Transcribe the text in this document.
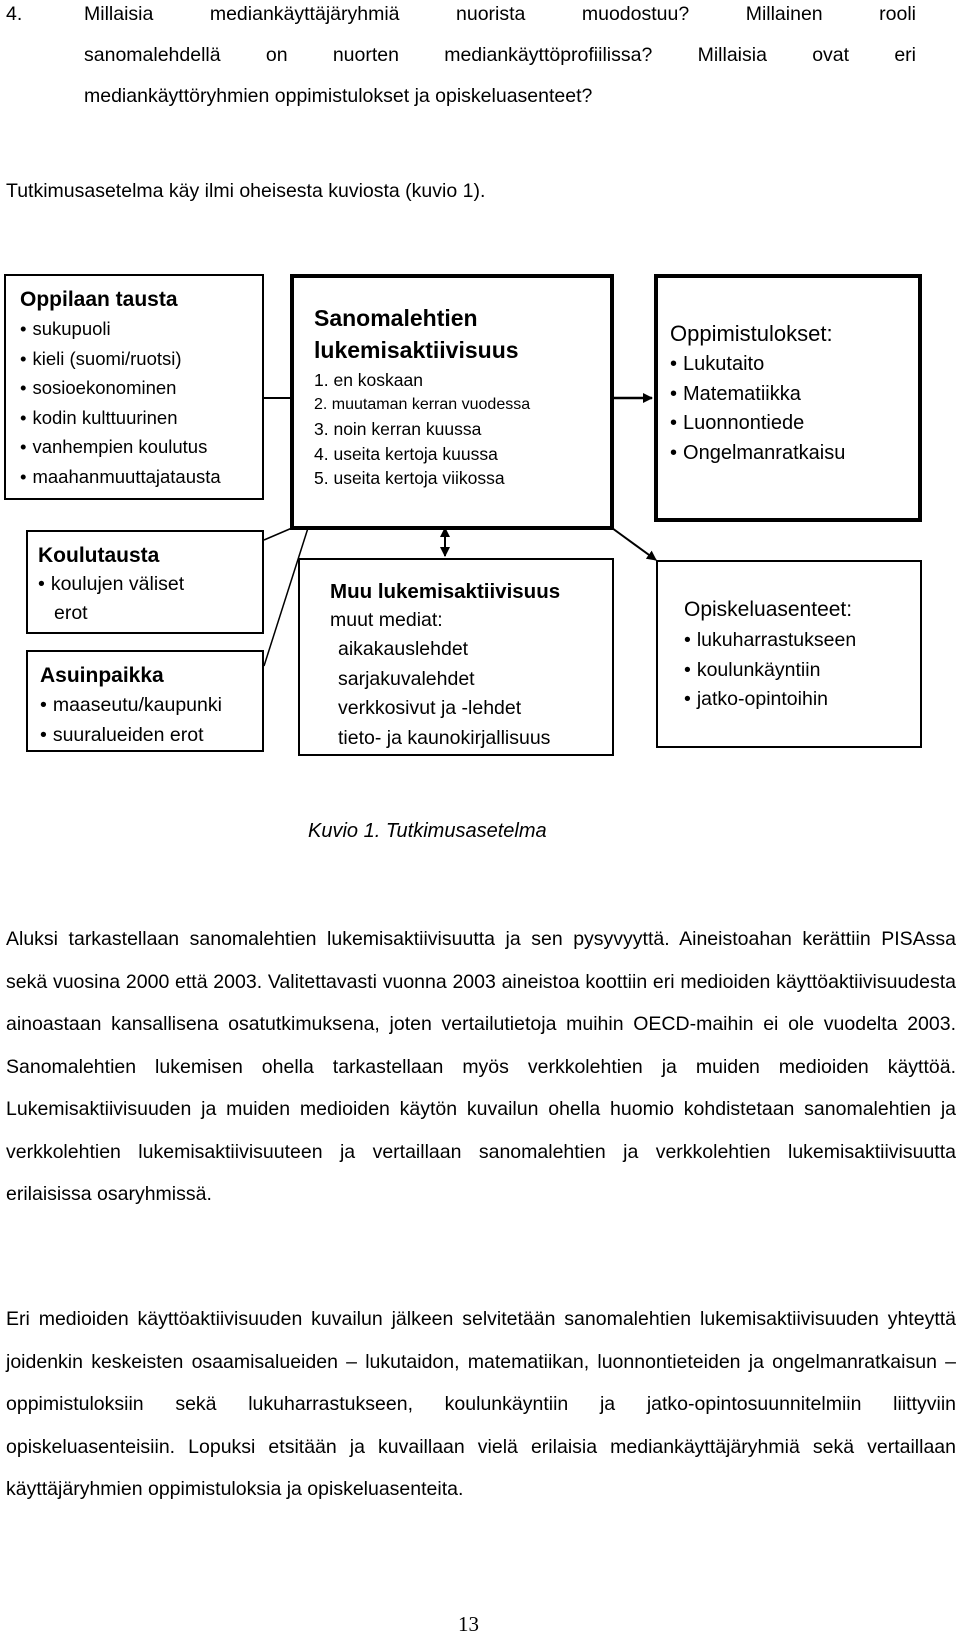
4.	Millaisia mediankäyttäjäryhmiä nuorista muodostuu? Millainen rooli
sanomalehdellä on nuorten mediankäyttöprofiilissa? Millaisia ovat eri
mediankäyttöryhmien oppimistulokset ja opiskeluasenteet?
Tutkimusasetelma käy ilmi oheisesta kuviosta (kuvio 1).
Oppilaan tausta
• sukupuoli
• kieli (suomi/ruotsi)
• sosioekonominen
• kodin kulttuurinen
• vanhempien koulutus
• maahanmuuttajatausta
Sanomalehtien
lukemisaktiivisuus
1. en koskaan
2. muutaman kerran vuodessa
3. noin kerran kuussa
4. useita kertoja kuussa
5. useita kertoja viikossa
Oppimistulokset:
• Lukutaito
• Matematiikka
• Luonnontiede
• Ongelmanratkaisu
Koulutausta
• koulujen väliset
erot
Asuinpaikka
• maaseutu/kaupunki
• suuralueiden erot
Muu lukemisaktiivisuus
muut mediat:
aikakauslehdet
sarjakuvalehdet
verkkosivut ja -lehdet
tieto- ja kaunokirjallisuus
Opiskeluasenteet:
• lukuharrastukseen
• koulunkäyntiin
• jatko-opintoihin
Kuvio 1. Tutkimusasetelma
Aluksi tarkastellaan sanomalehtien lukemisaktiivisuutta ja sen pysyvyyttä. Aineistoahan kerättiin PISAssa sekä vuosina 2000 että 2003. Valitettavasti vuonna 2003 aineistoa koottiin eri medioiden käyttöaktiivisuudesta ainoastaan kansallisena osatutkimuksena, joten vertailutietoja muihin OECD-maihin ei ole vuodelta 2003. Sanomalehtien lukemisen ohella tarkastellaan myös verkkolehtien ja muiden medioiden käyttöä. Lukemisaktiivisuuden ja muiden medioiden käytön kuvailun ohella huomio kohdistetaan sanomalehtien ja verkkolehtien lukemisaktiivisuuteen ja vertaillaan sanomalehtien ja verkkolehtien lukemisaktiivisuutta erilaisissa osaryhmissä.
Eri medioiden käyttöaktiivisuuden kuvailun jälkeen selvitetään sanomalehtien lukemisaktiivisuuden yhteyttä joidenkin keskeisten osaamisalueiden – lukutaidon, matematiikan, luonnontieteiden ja ongelmanratkaisun – oppimistuloksiin sekä lukuharrastukseen, koulunkäyntiin ja jatko-opintosuunnitelmiin liittyviin opiskeluasenteisiin. Lopuksi etsitään ja kuvaillaan vielä erilaisia mediankäyttäjäryhmiä sekä vertaillaan käyttäjäryhmien oppimistuloksia ja opiskeluasenteita.
13
